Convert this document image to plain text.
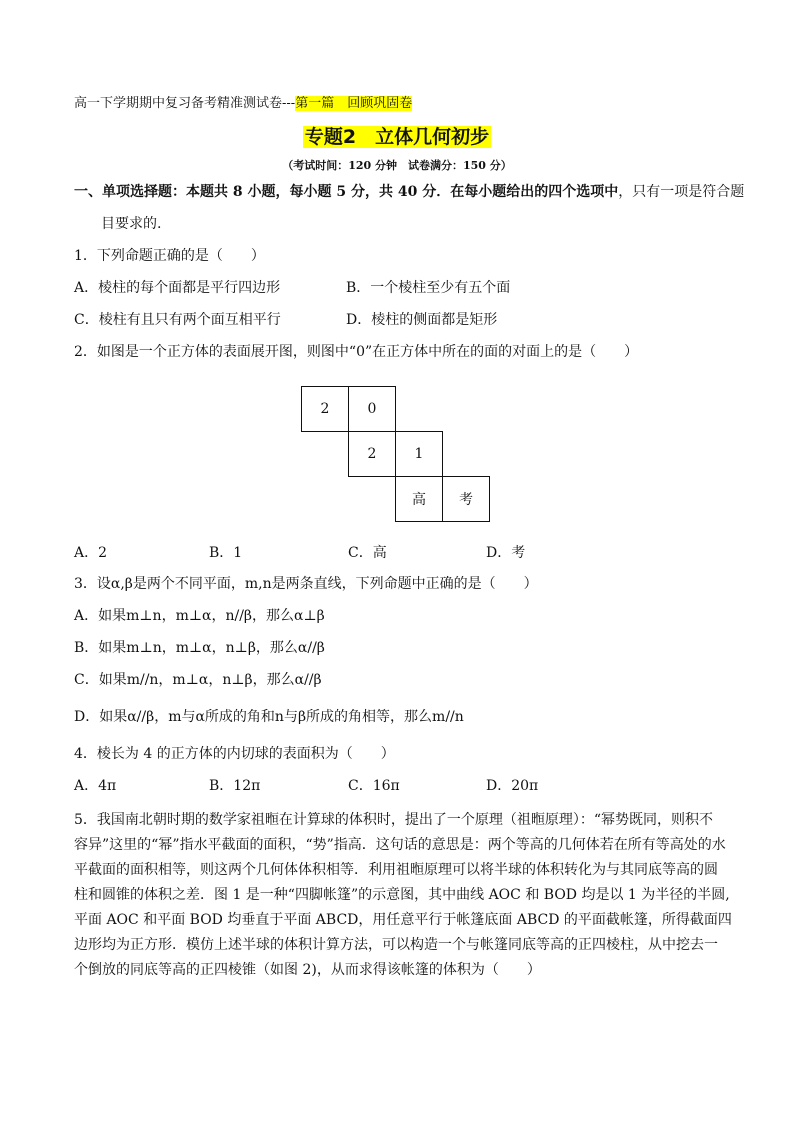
高一下学期期中复习备考精准测试卷---第一篇　回顾巩固卷
专题2　立体几何初步
（考试时间：120 分钟　试卷满分：150 分）
一、单项选择题：本题共 8 小题，每小题 5 分，共 40 分．在每小题给出的四个选项中，只有一项是符合题
目要求的.
1．下列命题正确的是（　　）
A．棱柱的每个面都是平行四边形	B．一个棱柱至少有五个面
C．棱柱有且只有两个面互相平行	D．棱柱的侧面都是矩形
2．如图是一个正方体的表面展开图，则图中“0”在正方体中所在的面的对面上的是（　　）
2	0
2	1
高	考
A．2	B．1	C．高	D．考
3．设α,β是两个不同平面，m,n是两条直线，下列命题中正确的是（　　）
A．如果m⊥n，m⊥α，n//β，那么α⊥β
B．如果m⊥n，m⊥α，n⊥β，那么α//β
C．如果m//n，m⊥α，n⊥β，那么α//β
D．如果α//β，m与α所成的角和n与β所成的角相等，那么m//n
4．棱长为 4 的正方体的内切球的表面积为（　　）
A．4π	B．12π	C．16π	D．20π
5．我国南北朝时期的数学家祖暅在计算球的体积时，提出了一个原理（祖暅原理）：“幂势既同，则积不
容异”这里的“幂”指水平截面的面积，“势”指高．这句话的意思是：两个等高的几何体若在所有等高处的水
平截面的面积相等，则这两个几何体体积相等．利用祖暅原理可以将半球的体积转化为与其同底等高的圆
柱和圆锥的体积之差．图 1 是一种“四脚帐篷”的示意图，其中曲线 AOC 和 BOD 均是以 1 为半径的半圆,
平面 AOC 和平面 BOD 均垂直于平面 ABCD，用任意平行于帐篷底面 ABCD 的平面截帐篷，所得截面四
边形均为正方形．模仿上述半球的体积计算方法，可以构造一个与帐篷同底等高的正四棱柱，从中挖去一
个倒放的同底等高的正四棱锥（如图 2)，从而求得该帐篷的体积为（　　）
